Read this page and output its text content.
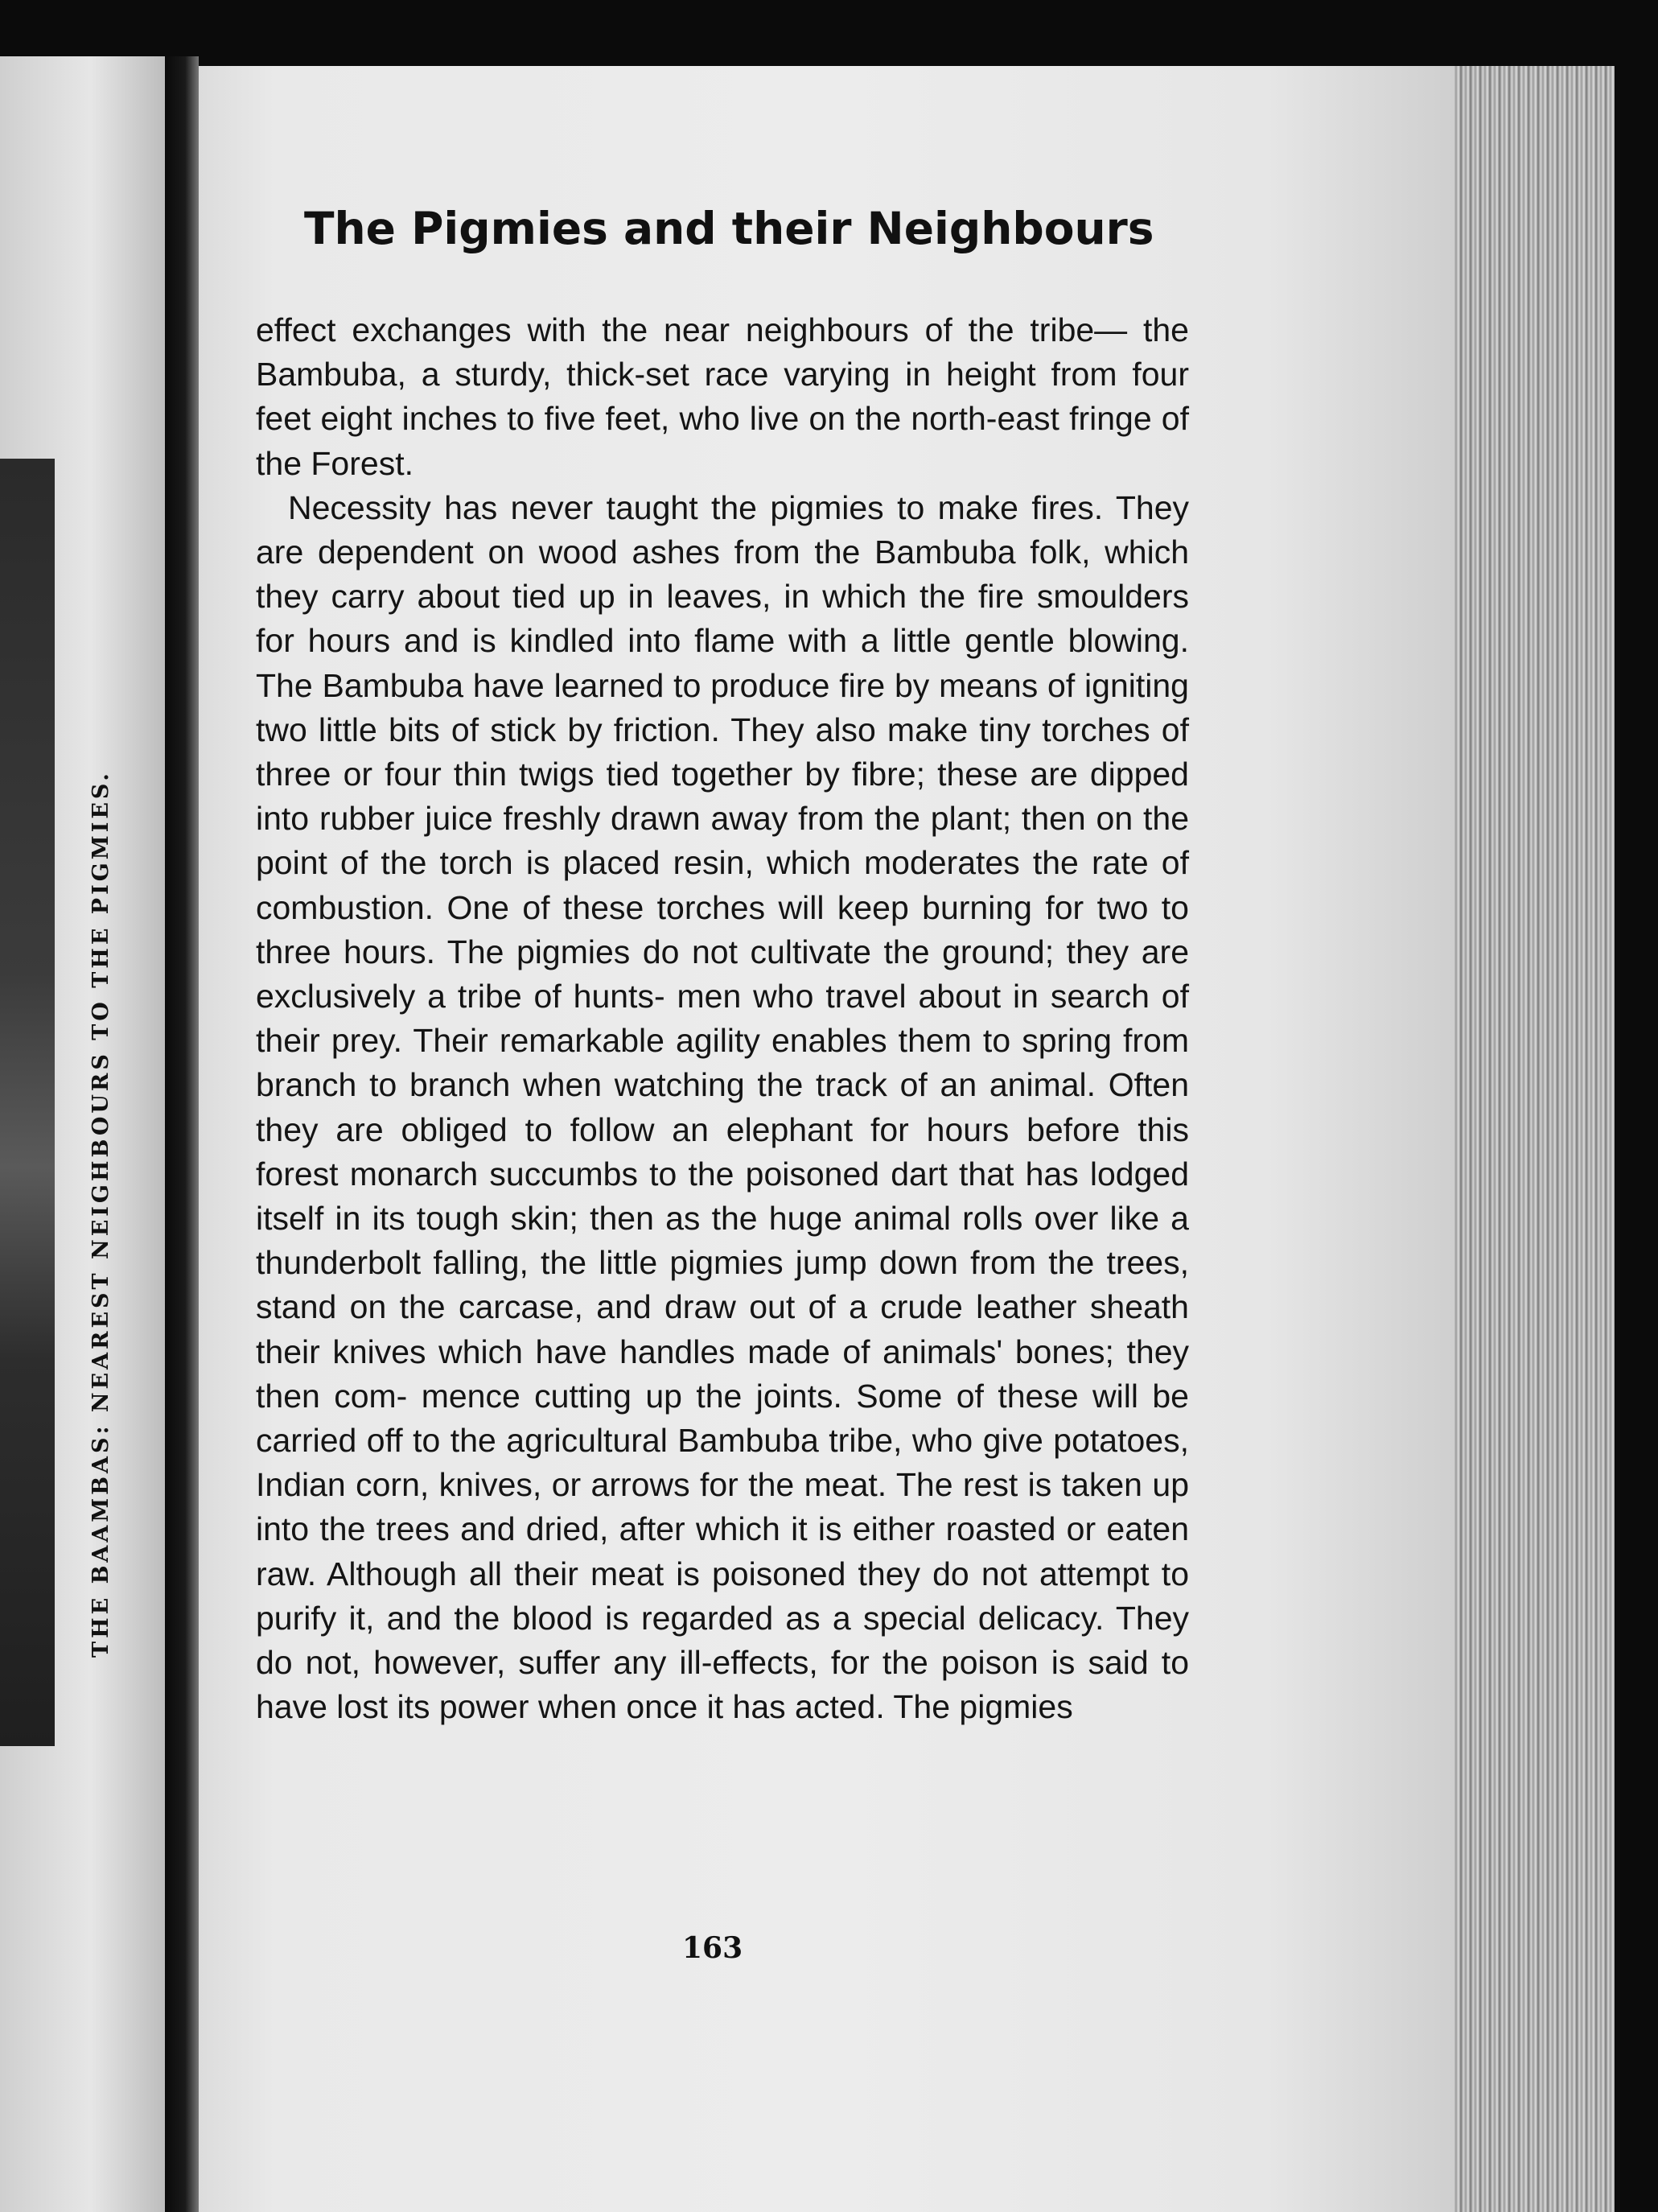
THE BAAMBAS: NEAREST NEIGHBOURS TO THE PIGMIES.
The Pigmies and their Neighbours

effect exchanges with the near neighbours of the tribe— the Bambuba, a sturdy, thick-set race varying in height from four feet eight inches to five feet, who live on the north-east fringe of the Forest.

Necessity has never taught the pigmies to make fires. They are dependent on wood ashes from the Bambuba folk, which they carry about tied up in leaves, in which the fire smoulders for hours and is kindled into flame with a little gentle blowing. The Bambuba have learned to produce fire by means of igniting two little bits of stick by friction. They also make tiny torches of three or four thin twigs tied together by fibre; these are dipped into rubber juice freshly drawn away from the plant; then on the point of the torch is placed resin, which moderates the rate of combustion. One of these torches will keep burning for two to three hours. The pigmies do not cultivate the ground; they are exclusively a tribe of hunts- men who travel about in search of their prey. Their remarkable agility enables them to spring from branch to branch when watching the track of an animal. Often they are obliged to follow an elephant for hours before this forest monarch succumbs to the poisoned dart that has lodged itself in its tough skin; then as the huge animal rolls over like a thunderbolt falling, the little pigmies jump down from the trees, stand on the carcase, and draw out of a crude leather sheath their knives which have handles made of animals' bones; they then com- mence cutting up the joints. Some of these will be carried off to the agricultural Bambuba tribe, who give potatoes, Indian corn, knives, or arrows for the meat. The rest is taken up into the trees and dried, after which it is either roasted or eaten raw. Although all their meat is poisoned they do not attempt to purify it, and the blood is regarded as a special delicacy. They do not, however, suffer any ill-effects, for the poison is said to have lost its power when once it has acted. The pigmies

163
